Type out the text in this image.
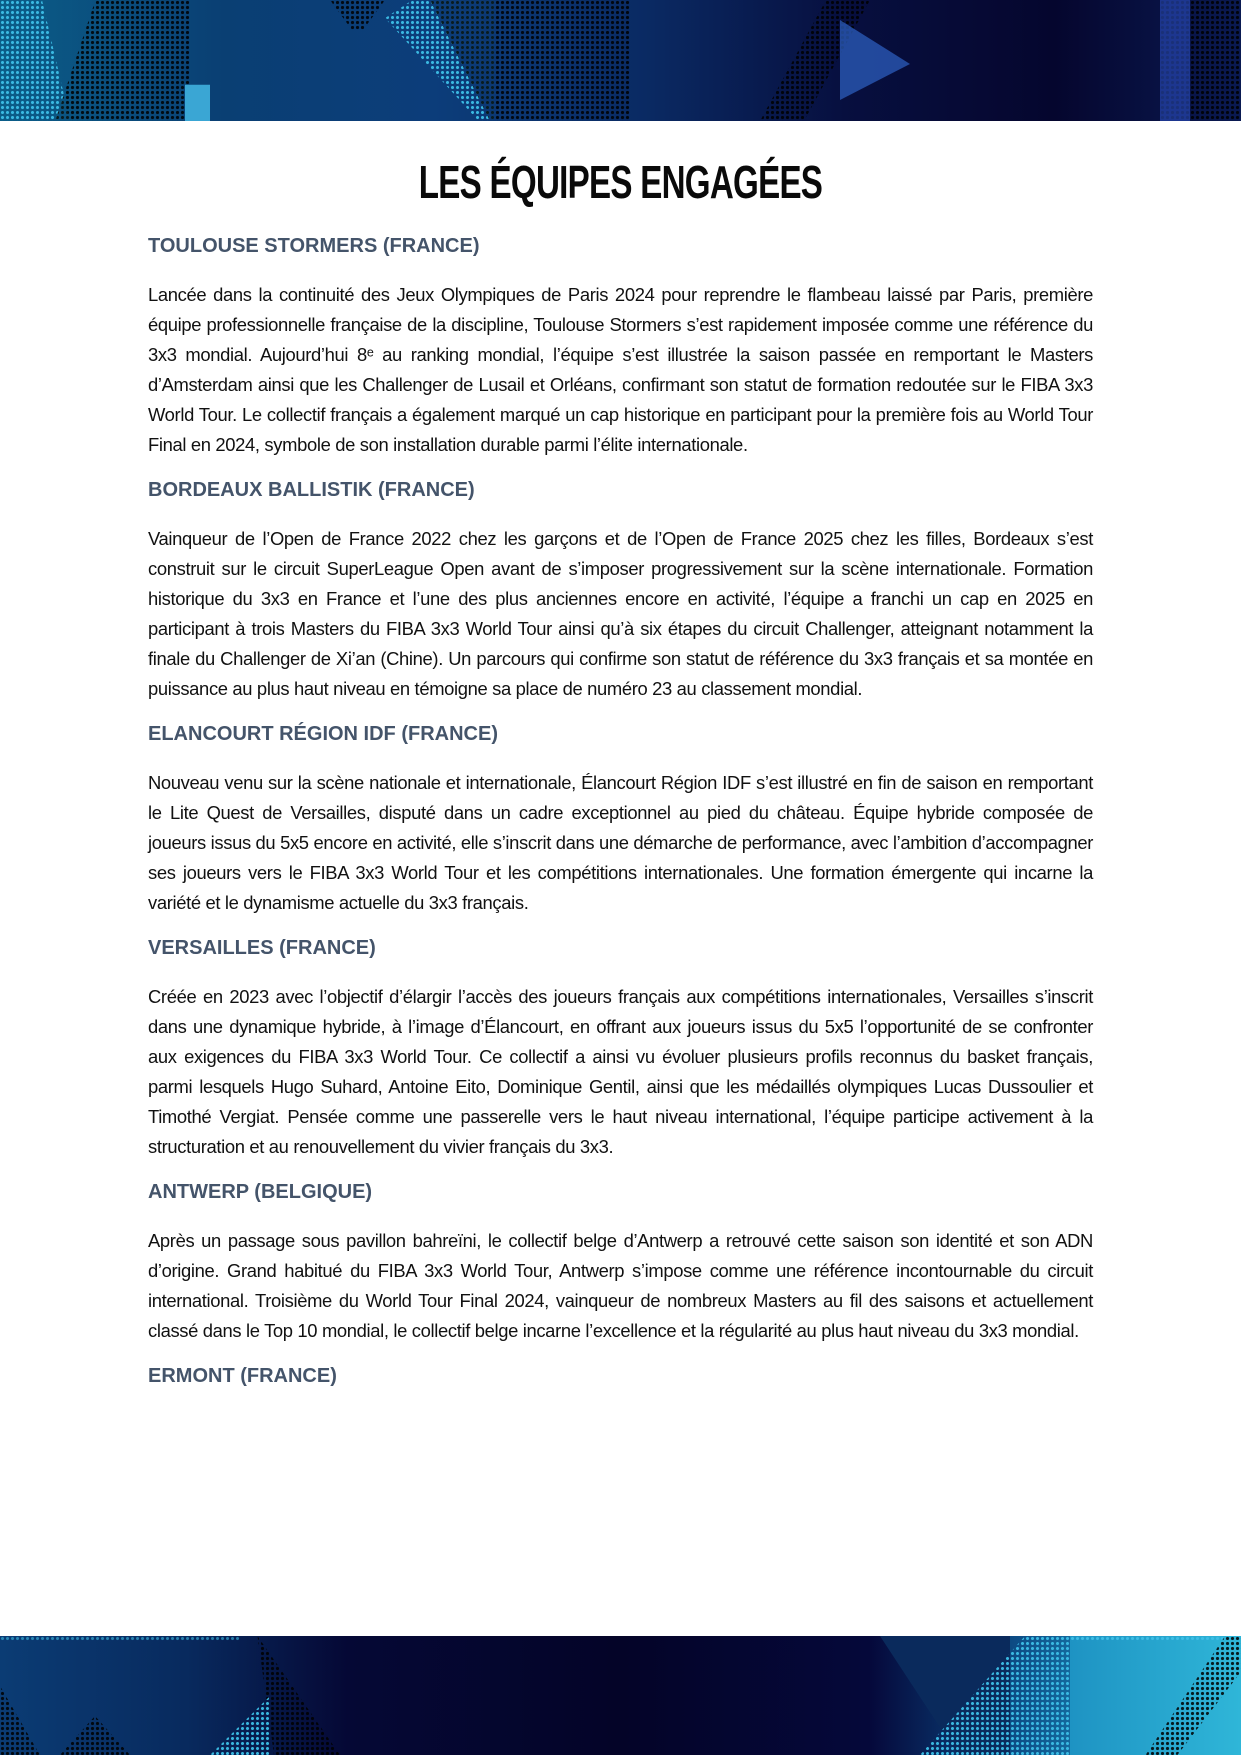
LES ÉQUIPES ENGAGÉES
TOULOUSE STORMERS (FRANCE)

Lancée dans la continuité des Jeux Olympiques de Paris 2024 pour reprendre le flambeau laissé par Paris, première équipe professionnelle française de la discipline, Toulouse Stormers s’est rapidement imposée comme une référence du 3x3 mondial. Aujourd’hui 8ᵉ au ranking mondial, l’équipe s’est illustrée la saison passée en remportant le Masters d’Amsterdam ainsi que les Challenger de Lusail et Orléans, confirmant son statut de formation redoutée sur le FIBA 3x3 World Tour. Le collectif français a également marqué un cap historique en participant pour la première fois au World Tour Final en 2024, symbole de son installation durable parmi l’élite internationale.

BORDEAUX BALLISTIK (FRANCE)

Vainqueur de l’Open de France 2022 chez les garçons et de l’Open de France 2025 chez les filles, Bordeaux s’est construit sur le circuit SuperLeague Open avant de s’imposer progressivement sur la scène internationale. Formation historique du 3x3 en France et l’une des plus anciennes encore en activité, l’équipe a franchi un cap en 2025 en participant à trois Masters du FIBA 3x3 World Tour ainsi qu’à six étapes du circuit Challenger, atteignant notamment la finale du Challenger de Xi’an (Chine). Un parcours qui confirme son statut de référence du 3x3 français et sa montée en puissance au plus haut niveau en témoigne sa place de numéro 23 au classement mondial.

ELANCOURT RÉGION IDF (FRANCE)

Nouveau venu sur la scène nationale et internationale, Élancourt Région IDF s’est illustré en fin de saison en remportant le Lite Quest de Versailles, disputé dans un cadre exceptionnel au pied du château. Équipe hybride composée de joueurs issus du 5x5 encore en activité, elle s’inscrit dans une démarche de performance, avec l’ambition d’accompagner ses joueurs vers le FIBA 3x3 World Tour et les compétitions internationales. Une formation émergente qui incarne la variété et le dynamisme actuelle du 3x3 français.

VERSAILLES (FRANCE)

Créée en 2023 avec l’objectif d’élargir l’accès des joueurs français aux compétitions internationales, Versailles s’inscrit dans une dynamique hybride, à l’image d’Élancourt, en offrant aux joueurs issus du 5x5 l’opportunité de se confronter aux exigences du FIBA 3x3 World Tour. Ce collectif a ainsi vu évoluer plusieurs profils reconnus du basket français, parmi lesquels Hugo Suhard, Antoine Eito, Dominique Gentil, ainsi que les médaillés olympiques Lucas Dussoulier et Timothé Vergiat. Pensée comme une passerelle vers le haut niveau international, l’équipe participe activement à la structuration et au renouvellement du vivier français du 3x3.

ANTWERP (BELGIQUE)

Après un passage sous pavillon bahreïni, le collectif belge d’Antwerp a retrouvé cette saison son identité et son ADN d’origine. Grand habitué du FIBA 3x3 World Tour, Antwerp s’impose comme une référence incontournable du circuit international. Troisième du World Tour Final 2024, vainqueur de nombreux Masters au fil des saisons et actuellement classé dans le Top 10 mondial, le collectif belge incarne l’excellence et la régularité au plus haut niveau du 3x3 mondial.

ERMONT (FRANCE)
